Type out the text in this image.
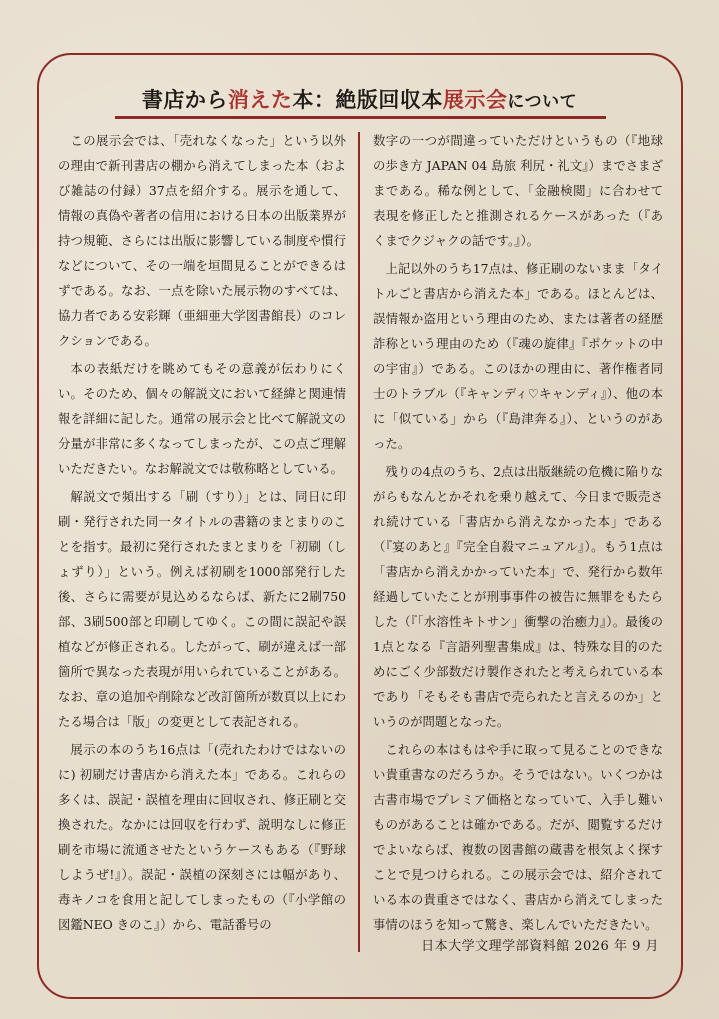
書店から消えた本：絶版回収本展示会について

この展示会では、「売れなくなった」という以外の理由で新刊書店の棚から消えてしまった本（および雑誌の付録）37点を紹介する。展示を通して、情報の真偽や著者の信用における日本の出版業界が持つ規範、さらには出版に影響している制度や慣行などについて、その一端を垣間見ることができるはずである。なお、一点を除いた展示物のすべては、協力者である安彩輝（亜細亜大学図書館長）のコレクションである。

本の表紙だけを眺めてもその意義が伝わりにくい。そのため、個々の解説文において経緯と関連情報を詳細に記した。通常の展示会と比べて解説文の分量が非常に多くなってしまったが、この点ご理解いただきたい。なお解説文では敬称略としている。

解説文で頻出する「刷（すり）」とは、同日に印刷・発行された同一タイトルの書籍のまとまりのことを指す。最初に発行されたまとまりを「初刷（しょずり）」という。例えば初刷を1000部発行した後、さらに需要が見込めるならば、新たに2刷750部、3刷500部と印刷してゆく。この間に誤記や誤植などが修正される。したがって、刷が違えば一部箇所で異なった表現が用いられていることがある。なお、章の追加や削除など改訂箇所が数頁以上にわたる場合は「版」の変更として表記される。

展示の本のうち16点は「(売れたわけではないのに) 初刷だけ書店から消えた本」である。これらの多くは、誤記・誤植を理由に回収され、修正刷と交換された。なかには回収を行わず、説明なしに修正刷を市場に流通させたというケースもある（『野球しようぜ!』）。誤記・誤植の深刻さには幅があり、毒キノコを食用と記してしまったもの（『小学館の図鑑NEO きのこ』）から、電話番号の

数字の一つが間違っていただけというもの（『地球の歩き方 JAPAN 04 島旅 利尻・礼文』）までさまざまである。稀な例として、「金融検閲」に合わせて表現を修正したと推測されるケースがあった（『あくまでクジャクの話です。』）。

上記以外のうち17点は、修正刷のないまま「タイトルごと書店から消えた本」である。ほとんどは、誤情報か盗用という理由のため、または著者の経歴詐称という理由のため（『魂の旋律』『ポケットの中の宇宙』）である。このほかの理由に、著作権者同士のトラブル（『キャンディ♡キャンディ』）、他の本に「似ている」から（『島津奔る』）、というのがあった。

残りの4点のうち、2点は出版継続の危機に陥りながらもなんとかそれを乗り越えて、今日まで販売され続けている「書店から消えなかった本」である（『宴のあと』『完全自殺マニュアル』）。もう1点は「書店から消えかかっていた本」で、発行から数年経過していたことが刑事事件の被告に無罪をもたらした（『「水溶性キトサン」衝撃の治癒力』）。最後の1点となる『言語列聖書集成』は、特殊な目的のためにごく少部数だけ製作されたと考えられている本であり「そもそも書店で売られたと言えるのか」というのが問題となった。

これらの本はもはや手に取って見ることのできない貴重書なのだろうか。そうではない。いくつかは古書市場でプレミア価格となっていて、入手し難いものがあることは確かである。だが、閲覧するだけでよいならば、複数の図書館の蔵書を根気よく探すことで見つけられる。この展示会では、紹介されている本の貴重さではなく、書店から消えてしまった事情のほうを知って驚き、楽しんでいただきたい。

日本大学文理学部資料館 2026 年 9 月
